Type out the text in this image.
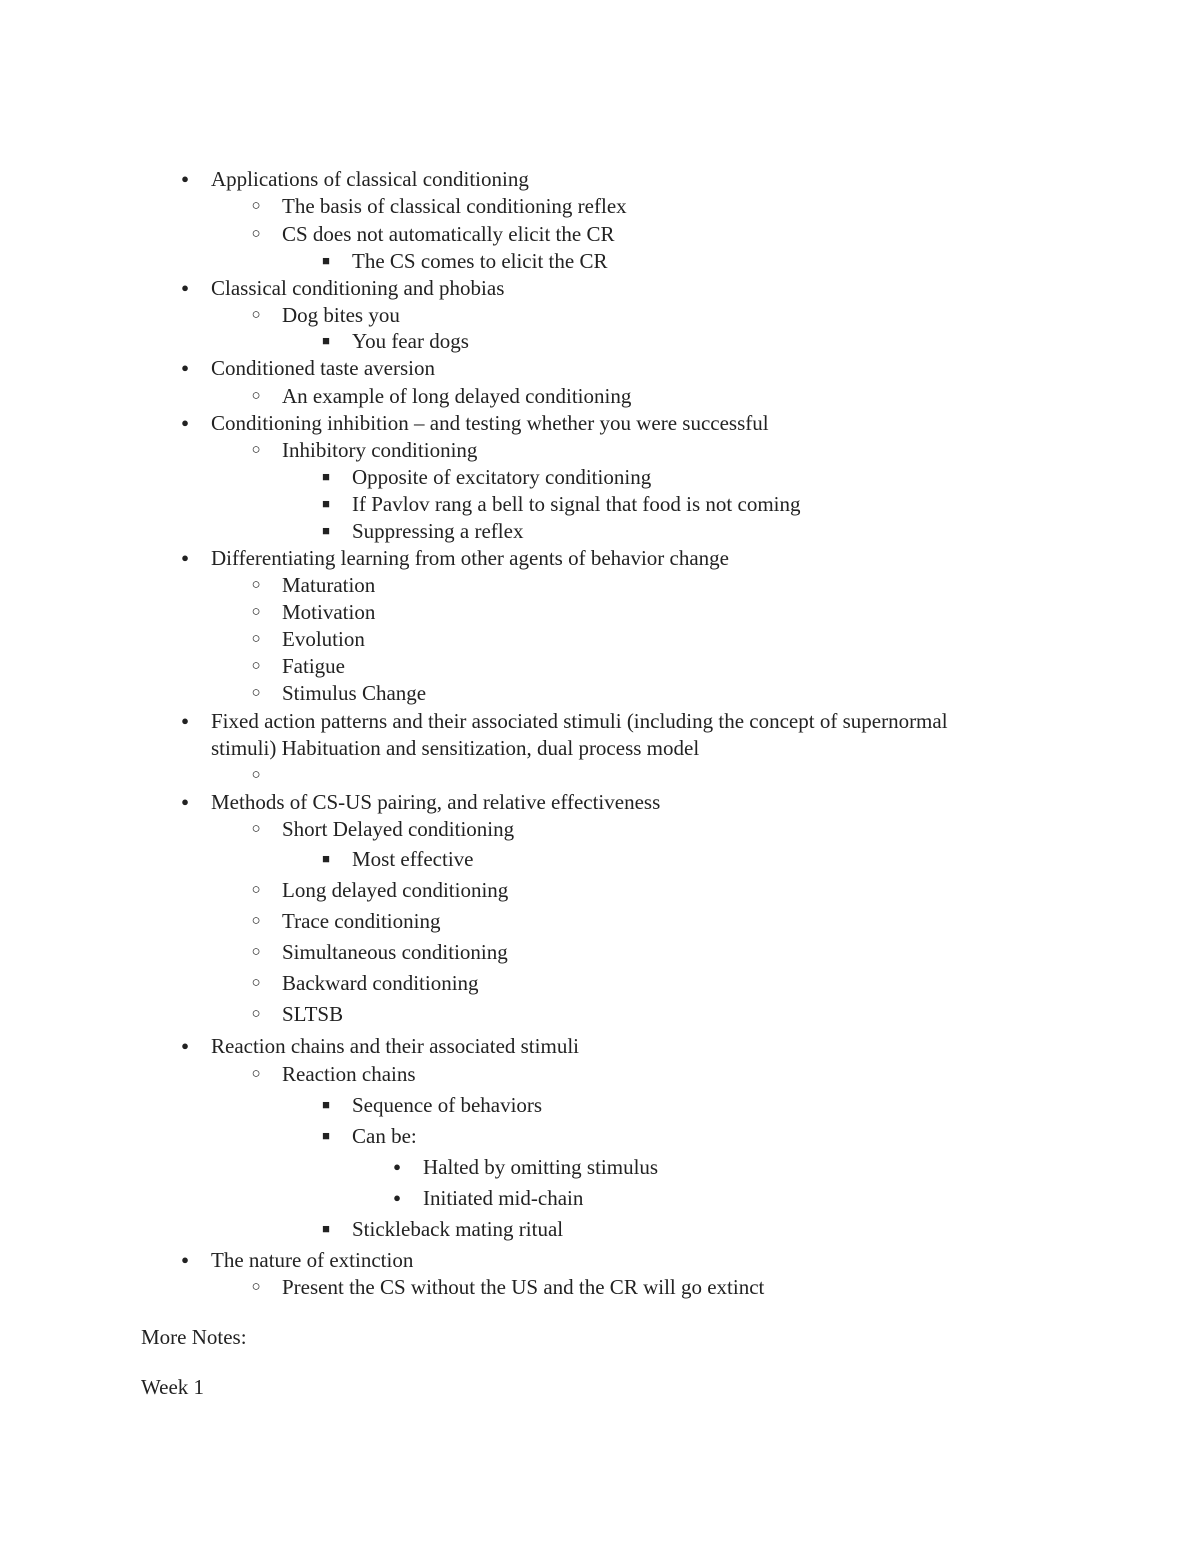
●	Applications of classical conditioning
○	The basis of classical conditioning reflex
○	CS does not automatically elicit the CR
■	The CS comes to elicit the CR
●	Classical conditioning and phobias
○	Dog bites you
■	You fear dogs
●	Conditioned taste aversion
○	An example of long delayed conditioning
●	Conditioning inhibition – and testing whether you were successful
○	Inhibitory conditioning
■	Opposite of excitatory conditioning
■	If Pavlov rang a bell to signal that food is not coming
■	Suppressing a reflex
●	Differentiating learning from other agents of behavior change
○	Maturation
○	Motivation
○	Evolution
○	Fatigue
○	Stimulus Change
●	Fixed action patterns and their associated stimuli (including the concept of supernormal
stimuli) Habituation and sensitization, dual process model
○
●	Methods of CS-US pairing, and relative effectiveness
○	Short Delayed conditioning
■	Most effective
○	Long delayed conditioning
○	Trace conditioning
○	Simultaneous conditioning
○	Backward conditioning
○	SLTSB
●	Reaction chains and their associated stimuli
○	Reaction chains
■	Sequence of behaviors
■	Can be:
●	Halted by omitting stimulus
●	Initiated mid-chain
■	Stickleback mating ritual
●	The nature of extinction
○	Present the CS without the US and the CR will go extinct
More Notes:
Week 1
